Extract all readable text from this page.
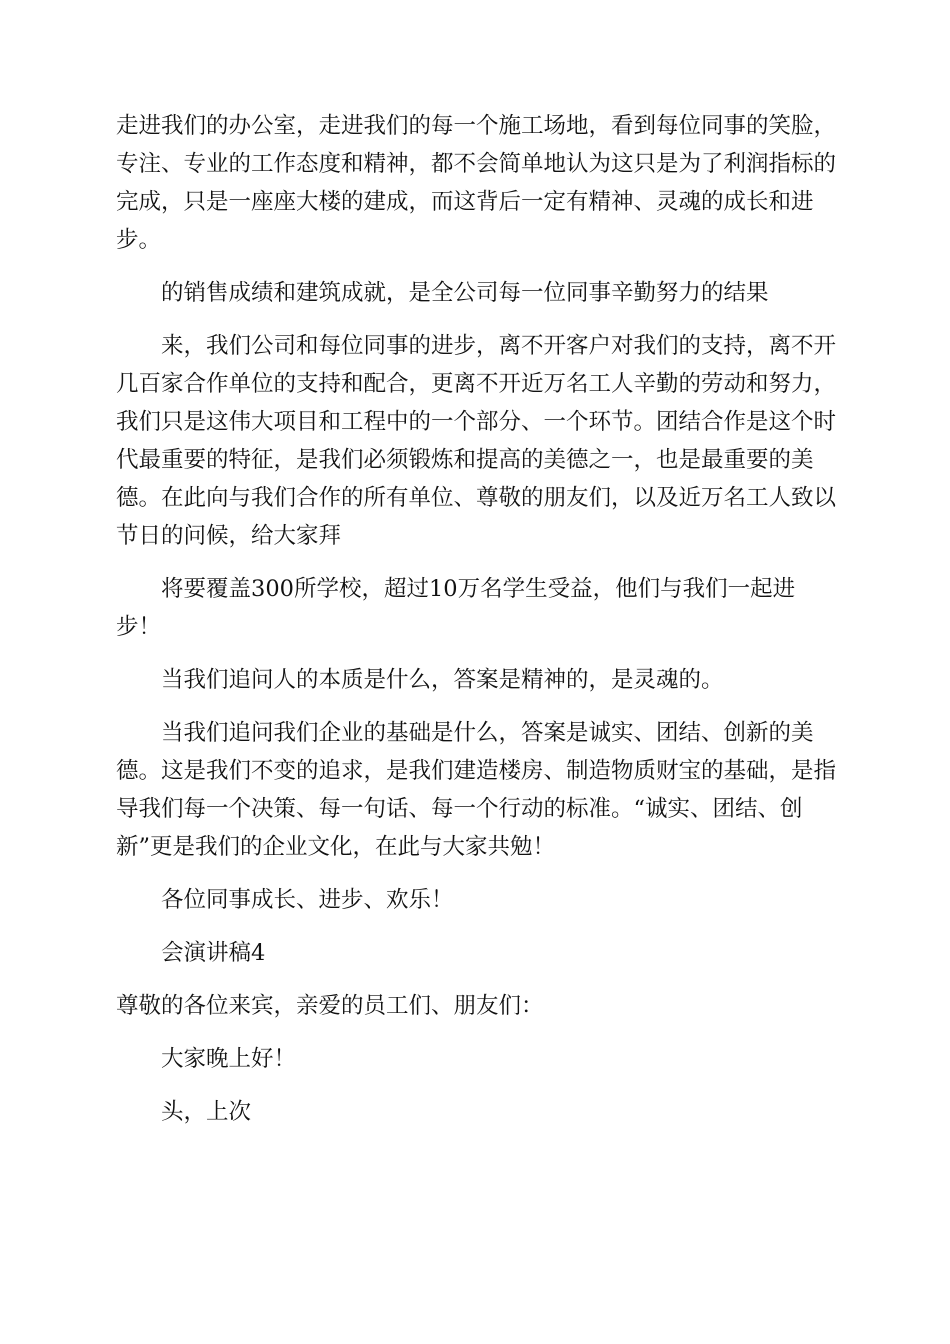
走进我们的办公室，走进我们的每一个施工场地，看到每位同事的笑脸，
专注、专业的工作态度和精神，都不会简单地认为这只是为了利润指标的
完成，只是一座座大楼的建成，而这背后一定有精神、灵魂的成长和进
步。
的销售成绩和建筑成就，是全公司每一位同事辛勤努力的结果
来，我们公司和每位同事的进步，离不开客户对我们的支持，离不开
几百家合作单位的支持和配合，更离不开近万名工人辛勤的劳动和努力，
我们只是这伟大项目和工程中的一个部分、一个环节。团结合作是这个时
代最重要的特征，是我们必须锻炼和提高的美德之一，也是最重要的美
德。在此向与我们合作的所有单位、尊敬的朋友们，以及近万名工人致以
节日的问候，给大家拜
将要覆盖300所学校，超过10万名学生受益，他们与我们一起进
步！
当我们追问人的本质是什么，答案是精神的，是灵魂的。
当我们追问我们企业的基础是什么，答案是诚实、团结、创新的美
德。这是我们不变的追求，是我们建造楼房、制造物质财宝的基础，是指
导我们每一个决策、每一句话、每一个行动的标准。“诚实、团结、创
新”更是我们的企业文化，在此与大家共勉！
各位同事成长、进步、欢乐！
会演讲稿4
尊敬的各位来宾，亲爱的员工们、朋友们：
大家晚上好！
头，上次
